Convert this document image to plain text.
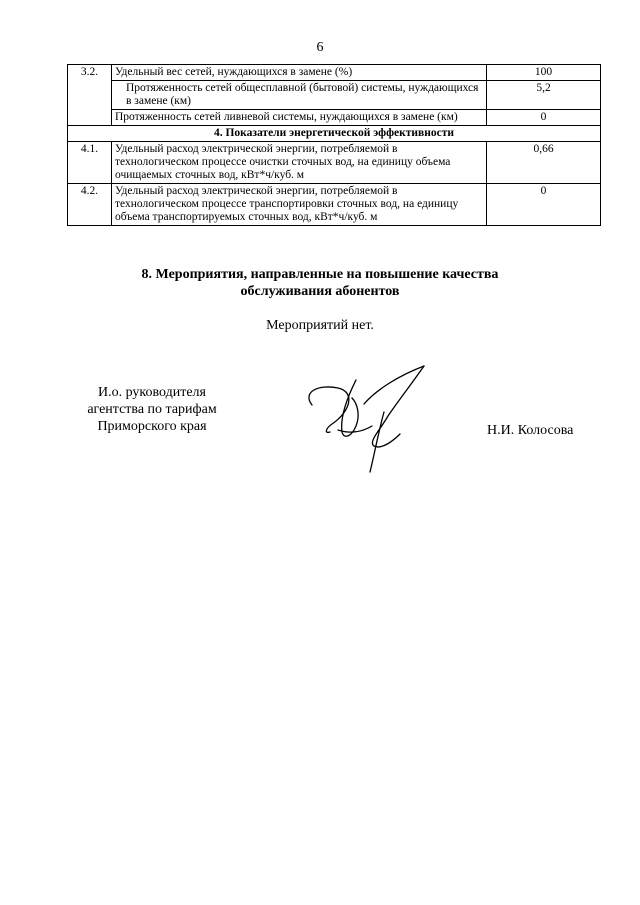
6
3.2.	Удельный вес сетей, нуждающихся в замене (%)	100
	Протяженность сетей общесплавной (бытовой) системы, нуждающихся в замене (км)	5,2
	Протяженность сетей ливневой системы, нуждающихся в замене (км)	0
4. Показатели энергетической эффективности		
4.1.	Удельный расход электрической энергии, потребляемой в технологическом процессе очистки сточных вод, на единицу объема очищаемых сточных вод, кВт*ч/куб. м	0,66
4.2.	Удельный расход электрической энергии, потребляемой в технологическом процессе транспортировки сточных вод, на единицу объема транспортируемых сточных вод, кВт*ч/куб. м	0
8. Мероприятия, направленные на повышение качества
обслуживания абонентов
Мероприятий нет.
И.о. руководителя
агентства по тарифам
Приморского края	Н.И. Колосова
